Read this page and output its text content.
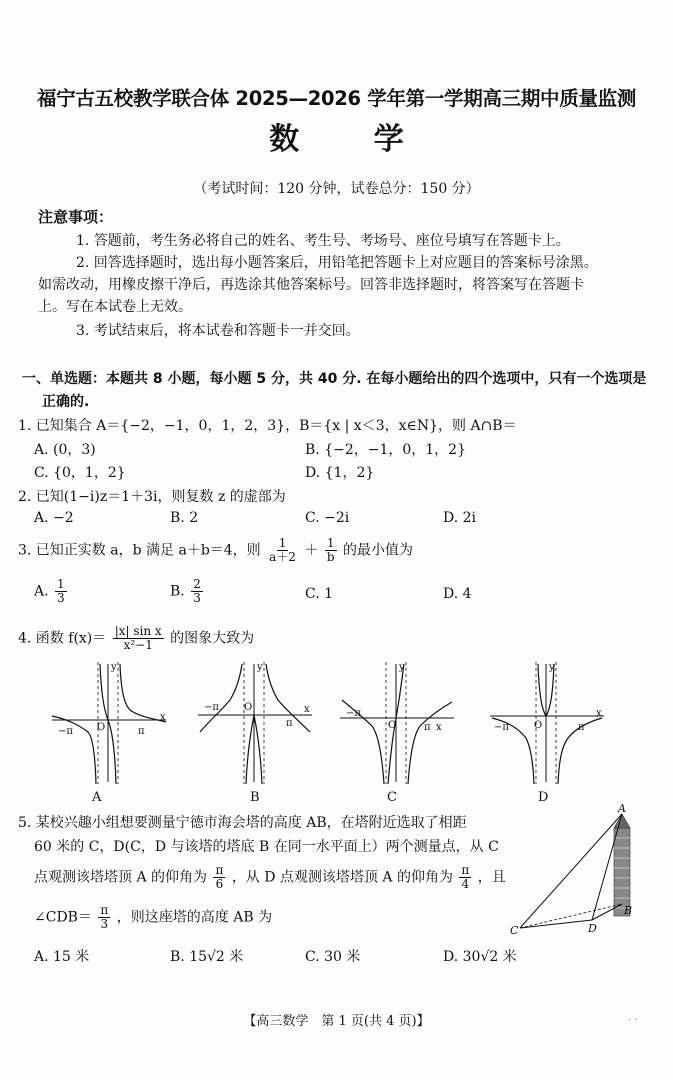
福宁古五校教学联合体 2025—2026 学年第一学期高三期中质量监测
数 学
（考试时间：120 分钟，试卷总分：150 分）
注意事项：
1. 答题前，考生务必将自己的姓名、考生号、考场号、座位号填写在答题卡上。
2. 回答选择题时，选出每小题答案后，用铅笔把答题卡上对应题目的答案标号涂黑。如需改动，用橡皮擦干净后，再选涂其他答案标号。回答非选择题时，将答案写在答题卡上。写在本试卷上无效。
3. 考试结束后，将本试卷和答题卡一并交回。
一、单选题：本题共 8 小题，每小题 5 分，共 40 分. 在每小题给出的四个选项中，只有一个选项是
正确的.
1. 已知集合 A＝{−2，−1，0，1，2，3}，B＝{x | x＜3，x∈N}，则 A∩B＝
A. (0，3)	B. {−2，−1，0，1，2}
C. {0，1，2}	D. {1，2}
2. 已知(1−i)z＝1＋3i，则复数 z 的虚部为
A. −2	B. 2	C. −2i	D. 2i
3. 已知正实数 a，b 满足 a＋b＝4，则 $\frac{1}{a+2} + \frac{1}{b}$ 的最小值为
A. $\frac{1}{3}$	B. $\frac{2}{3}$	C. 1	D. 4
4. 函数 $f(x)= \frac{\text{|x| sin x}}{\text{x²−1}}$ 的图象大致为
x
y
O
−π	π
A
x
y
O
−π
π
B
x
y
O
−π
π
C
x
y
O
−π	π
D
5. 某校兴趣小组想要测量宁德市海会塔的高度 AB，在塔附近选取了相距
60 米的 C，D(C，D 与该塔的塔底 B 在同一水平面上）两个测量点，从 C
点观测该塔塔顶 A 的仰角为 $\frac{\pi}{6}$ ，从 D 点观测该塔塔顶 A 的仰角为 $\frac{\pi}{4}$ ，且
∠CDB＝ $\frac{\pi}{3}$ ，则这座塔的高度 AB 为
A. 15 米	B. 15√2 米	C. 30 米	D. 30√2 米
A
B
C	D
【高三数学　第 1 页(共 4 页)】	. .
